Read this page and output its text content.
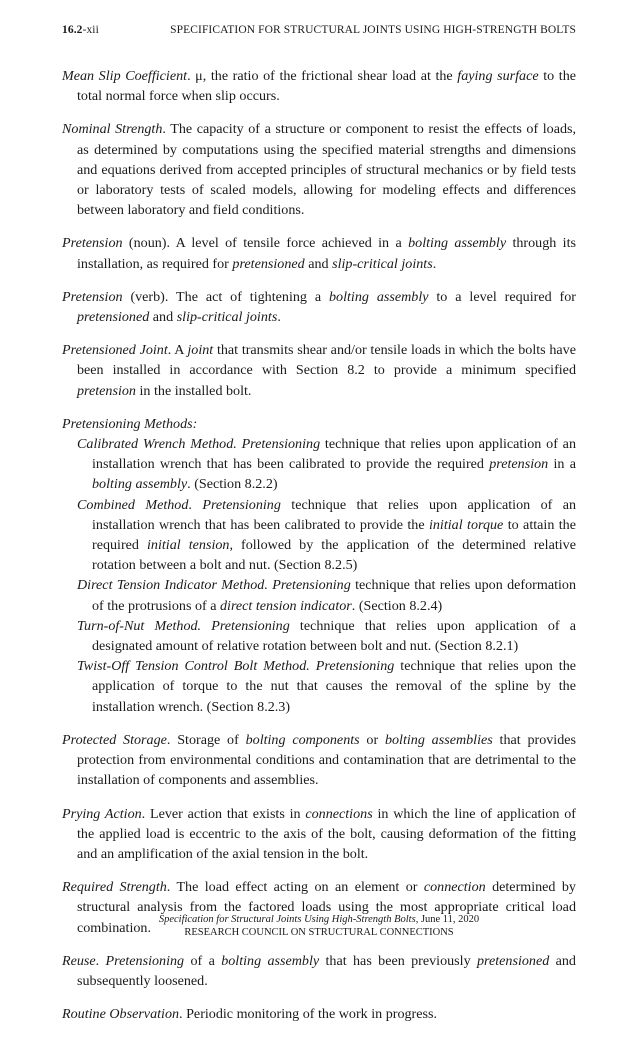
16.2-xii	SPECIFICATION FOR STRUCTURAL JOINTS USING HIGH-STRENGTH BOLTS

Mean Slip Coefficient. μ, the ratio of the frictional shear load at the faying surface to the total normal force when slip occurs.

Nominal Strength. The capacity of a structure or component to resist the effects of loads, as determined by computations using the specified material strengths and dimensions and equations derived from accepted principles of structural mechanics or by field tests or laboratory tests of scaled models, allowing for modeling effects and differences between laboratory and field conditions.

Pretension (noun). A level of tensile force achieved in a bolting assembly through its installation, as required for pretensioned and slip-critical joints.

Pretension (verb). The act of tightening a bolting assembly to a level required for pretensioned and slip-critical joints.

Pretensioned Joint. A joint that transmits shear and/or tensile loads in which the bolts have been installed in accordance with Section 8.2 to provide a minimum specified pretension in the installed bolt.

Pretensioning Methods:

Calibrated Wrench Method. Pretensioning technique that relies upon application of an installation wrench that has been calibrated to provide the required pretension in a bolting assembly. (Section 8.2.2)

Combined Method. Pretensioning technique that relies upon application of an installation wrench that has been calibrated to provide the initial torque to attain the required initial tension, followed by the application of the determined relative rotation between a bolt and nut. (Section 8.2.5)

Direct Tension Indicator Method. Pretensioning technique that relies upon deformation of the protrusions of a direct tension indicator. (Section 8.2.4)

Turn-of-Nut Method. Pretensioning technique that relies upon application of a designated amount of relative rotation between bolt and nut. (Section 8.2.1)

Twist-Off Tension Control Bolt Method. Pretensioning technique that relies upon the application of torque to the nut that causes the removal of the spline by the installation wrench. (Section 8.2.3)

Protected Storage. Storage of bolting components or bolting assemblies that provides protection from environmental conditions and contamination that are detrimental to the installation of components and assemblies.

Prying Action. Lever action that exists in connections in which the line of application of the applied load is eccentric to the axis of the bolt, causing deformation of the fitting and an amplification of the axial tension in the bolt.

Required Strength. The load effect acting on an element or connection determined by structural analysis from the factored loads using the most appropriate critical load combination.

Reuse. Pretensioning of a bolting assembly that has been previously pretensioned and subsequently loosened.

Routine Observation. Periodic monitoring of the work in progress.

Specification for Structural Joints Using High-Strength Bolts, June 11, 2020
RESEARCH COUNCIL ON STRUCTURAL CONNECTIONS
